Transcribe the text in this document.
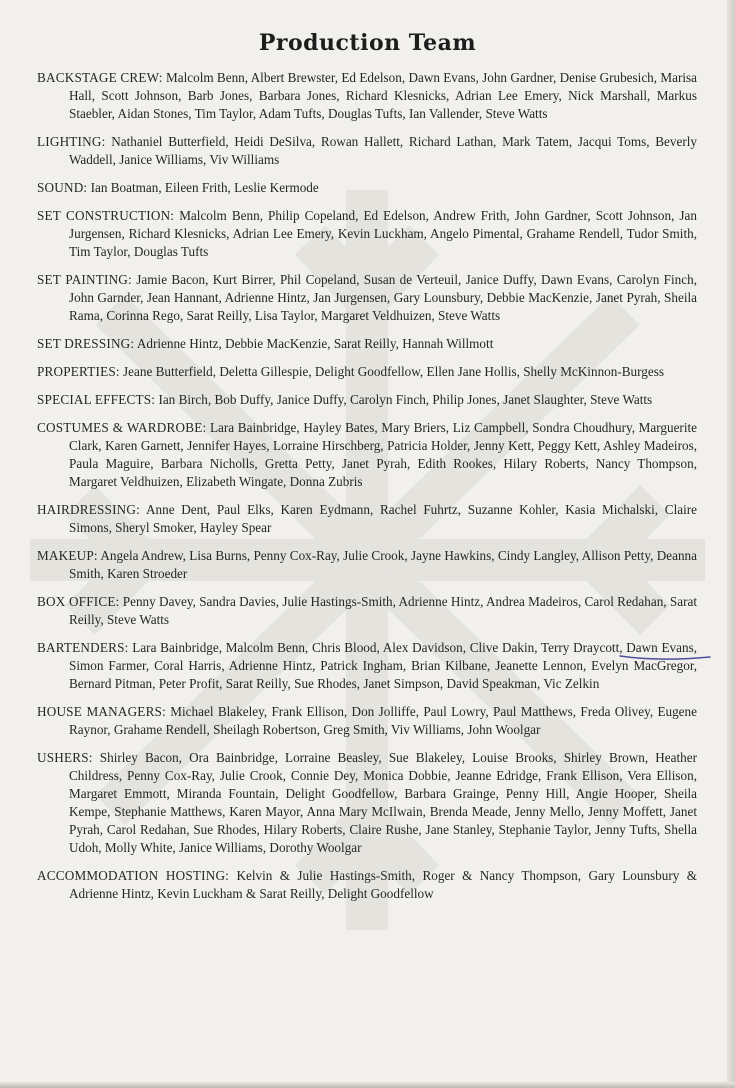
Production Team
BACKSTAGE CREW: Malcolm Benn, Albert Brewster, Ed Edelson, Dawn Evans, John Gardner, Denise Grubesich, Marisa Hall, Scott Johnson, Barb Jones, Barbara Jones, Richard Klesnicks, Adrian Lee Emery, Nick Marshall, Markus Staebler, Aidan Stones, Tim Taylor, Adam Tufts, Douglas Tufts, Ian Vallender, Steve Watts
LIGHTING: Nathaniel Butterfield, Heidi DeSilva, Rowan Hallett, Richard Lathan, Mark Tatem, Jacqui Toms, Beverly Waddell, Janice Williams, Viv Williams
SOUND: Ian Boatman, Eileen Frith, Leslie Kermode
SET CONSTRUCTION: Malcolm Benn, Philip Copeland, Ed Edelson, Andrew Frith, John Gardner, Scott Johnson, Jan Jurgensen, Richard Klesnicks, Adrian Lee Emery, Kevin Luckham, Angelo Pimental, Grahame Rendell, Tudor Smith, Tim Taylor, Douglas Tufts
SET PAINTING: Jamie Bacon, Kurt Birrer, Phil Copeland, Susan de Verteuil, Janice Duffy, Dawn Evans, Carolyn Finch, John Garnder, Jean Hannant, Adrienne Hintz, Jan Jurgensen, Gary Lounsbury, Debbie MacKenzie, Janet Pyrah, Sheila Rama, Corinna Rego, Sarat Reilly, Lisa Taylor, Margaret Veldhuizen, Steve Watts
SET DRESSING: Adrienne Hintz, Debbie MacKenzie, Sarat Reilly, Hannah Willmott
PROPERTIES: Jeane Butterfield, Deletta Gillespie, Delight Goodfellow, Ellen Jane Hollis, Shelly McKinnon-Burgess
SPECIAL EFFECTS: Ian Birch, Bob Duffy, Janice Duffy, Carolyn Finch, Philip Jones, Janet Slaughter, Steve Watts
COSTUMES & WARDROBE: Lara Bainbridge, Hayley Bates, Mary Briers, Liz Campbell, Sondra Choudhury, Marguerite Clark, Karen Garnett, Jennifer Hayes, Lorraine Hirschberg, Patricia Holder, Jenny Kett, Peggy Kett, Ashley Madeiros, Paula Maguire, Barbara Nicholls, Gretta Petty, Janet Pyrah, Edith Rookes, Hilary Roberts, Nancy Thompson, Margaret Veldhuizen, Elizabeth Wingate, Donna Zubris
HAIRDRESSING: Anne Dent, Paul Elks, Karen Eydmann, Rachel Fuhrtz, Suzanne Kohler, Kasia Michalski, Claire Simons, Sheryl Smoker, Hayley Spear
MAKEUP: Angela Andrew, Lisa Burns, Penny Cox-Ray, Julie Crook, Jayne Hawkins, Cindy Langley, Allison Petty, Deanna Smith, Karen Stroeder
BOX OFFICE: Penny Davey, Sandra Davies, Julie Hastings-Smith, Adrienne Hintz, Andrea Madeiros, Carol Redahan, Sarat Reilly, Steve Watts
BARTENDERS: Lara Bainbridge, Malcolm Benn, Chris Blood, Alex Davidson, Clive Dakin, Terry Draycott, Dawn Evans, Simon Farmer, Coral Harris, Adrienne Hintz, Patrick Ingham, Brian Kilbane, Jeanette Lennon, Evelyn MacGregor, Bernard Pitman, Peter Profit, Sarat Reilly, Sue Rhodes, Janet Simpson, David Speakman, Vic Zelkin
HOUSE MANAGERS: Michael Blakeley, Frank Ellison, Don Jolliffe, Paul Lowry, Paul Matthews, Freda Olivey, Eugene Raynor, Grahame Rendell, Sheilagh Robertson, Greg Smith, Viv Williams, John Woolgar
USHERS: Shirley Bacon, Ora Bainbridge, Lorraine Beasley, Sue Blakeley, Louise Brooks, Shirley Brown, Heather Childress, Penny Cox-Ray, Julie Crook, Connie Dey, Monica Dobbie, Jeanne Edridge, Frank Ellison, Vera Ellison, Margaret Emmott, Miranda Fountain, Delight Goodfellow, Barbara Grainge, Penny Hill, Angie Hooper, Sheila Kempe, Stephanie Matthews, Karen Mayor, Anna Mary McIlwain, Brenda Meade, Jenny Mello, Jenny Moffett, Janet Pyrah, Carol Redahan, Sue Rhodes, Hilary Roberts, Claire Rushe, Jane Stanley, Stephanie Taylor, Jenny Tufts, Shella Udoh, Molly White, Janice Williams, Dorothy Woolgar
ACCOMMODATION HOSTING: Kelvin & Julie Hastings-Smith, Roger & Nancy Thompson, Gary Lounsbury & Adrienne Hintz, Kevin Luckham & Sarat Reilly, Delight Goodfellow
